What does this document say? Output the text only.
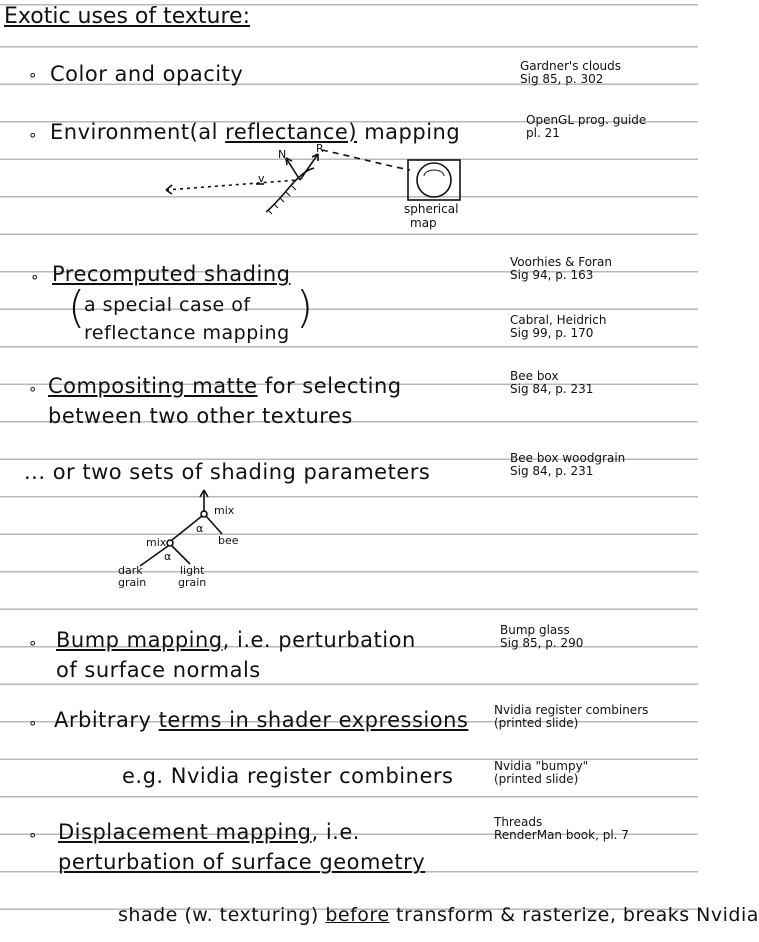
Exotic uses of texture:
∘ Color and opacity	Gardner's clouds
Sig 85, p. 302
∘ Environment(al reflectance) mapping	OpenGL prog. guide
pl. 21
N	R
v
spherical
map
∘ Precomputed shading	Voorhies & Foran
Sig 94, p. 163
(
a special case of
reflectance mapping )	Cabral, Heidrich
Sig 99, p. 170
∘ Compositing matte for selecting	Bee box
Sig 84, p. 231
between two other textures
... or two sets of shading parameters
Bee box woodgrain
Sig 84, p. 231
mix
α
bee
mix
α
dark
grain
light
grain
∘ Bump mapping, i.e. perturbation	Bump glass
Sig 85, p. 290
of surface normals
∘ Arbitrary terms in shader expressions Nvidia register combiners
(printed slide)
e.g. Nvidia register combiners	Nvidia "bumpy"
(printed slide)
∘ Displacement mapping, i.e.	Threads
RenderMan book, pl. 7
perturbation of surface geometry
shade (w. texturing) before transform & rasterize, breaks Nvidia
